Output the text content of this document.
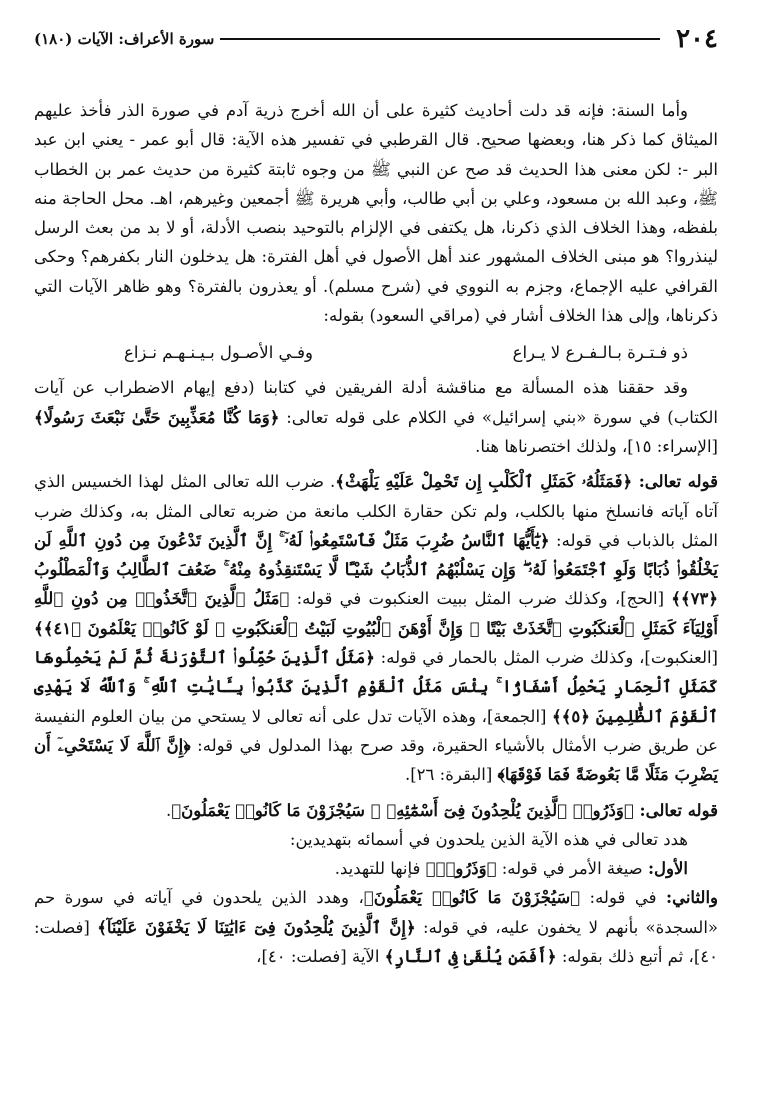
٢٠٤
سورة الأعراف: الآيات (١٨٠)

وأما السنة: فإنه قد دلت أحاديث كثيرة على أن الله أخرج ذرية آدم في صورة الذر فأخذ عليهم الميثاق كما ذكر هنا، وبعضها صحيح. قال القرطبي في تفسير هذه الآية: قال أبو عمر - يعني ابن عبد البر -: لكن معنى هذا الحديث قد صح عن النبي ﷺ من وجوه ثابتة كثيرة من حديث عمر بن الخطاب ﷺ، وعبد الله بن مسعود، وعلي بن أبي طالب، وأبي هريرة ﷺ أجمعين وغيرهم، اهـ. محل الحاجة منه بلفظه، وهذا الخلاف الذي ذكرنا، هل يكتفى في الإلزام بالتوحيد بنصب الأدلة، أو لا بد من بعث الرسل لينذروا؟ هو مبنى الخلاف المشهور عند أهل الأصول في أهل الفترة: هل يدخلون النار بكفرهم؟ وحكى القرافي عليه الإجماع، وجزم به النووي في (شرح مسلم). أو يعذرون بالفترة؟ وهو ظاهر الآيات التي ذكرناها، وإلى هذا الخلاف أشار في (مراقي السعود) بقوله:

ذو فـتـرة بـالـفـرع لا يـراع
وفـي الأصـول بـيـنـهـم نـزاع

وقد حققنا هذه المسألة مع مناقشة أدلة الفريقين في كتابنا (دفع إيهام الاضطراب عن آيات الكتاب) في سورة «بني إسرائيل» في الكلام على قوله تعالى: ﴿وَمَا كُنَّا مُعَذِّبِينَ حَتَّىٰ نَبْعَثَ رَسُولًا﴾ [الإسراء: ١٥]، ولذلك اختصرناها هنا.

قوله تعالى: ﴿فَمَثَلُهُۥ كَمَثَلِ ٱلْكَلْبِ إِن تَحْمِلْ عَلَيْهِ يَلْهَثْ﴾. ضرب الله تعالى المثل لهذا الخسيس الذي آتاه آياته فانسلخ منها بالكلب، ولم تكن حقارة الكلب مانعة من ضربه تعالى المثل به، وكذلك ضرب المثل بالذباب في قوله: ﴿يَٰٓأَيُّهَا ٱلنَّاسُ ضُرِبَ مَثَلٌ فَٱسْتَمِعُوا۟ لَهُۥٓ ۚ إِنَّ ٱلَّذِينَ تَدْعُونَ مِن دُونِ ٱللَّهِ لَن يَخْلُقُوا۟ ذُبَابًا وَلَوِ ٱجْتَمَعُوا۟ لَهُۥ ۖ وَإِن يَسْلُبْهُمُ ٱلذُّبَابُ شَيْـًٔا لَّا يَسْتَنقِذُوهُ مِنْهُ ۚ ضَعُفَ ٱلطَّالِبُ وَٱلْمَطْلُوبُ ﴿٧٣﴾﴾ [الحج]، وكذلك ضرب المثل ببيت العنكبوت في قوله: ﴿مَثَلُ ٱلَّذِينَ ٱتَّخَذُوا۟ مِن دُونِ ٱللَّهِ أَوْلِيَآءَ كَمَثَلِ ٱلْعَنكَبُوتِ ٱتَّخَذَتْ بَيْتًا ۖ وَإِنَّ أَوْهَنَ ٱلْبُيُوتِ لَبَيْتُ ٱلْعَنكَبُوتِ ۖ لَوْ كَانُوا۟ يَعْلَمُونَ ﴿٤١﴾﴾ [العنكبوت]، وكذلك ضرب المثل بالحمار في قوله: ﴿مَثَلُ ٱلَّذِينَ حُمِّلُوا۟ ٱلتَّوْرَىٰةَ ثُمَّ لَمْ يَحْمِلُوهَا كَمَثَلِ ٱلْحِمَارِ يَحْمِلُ أَسْفَارًۢا ۚ بِئْسَ مَثَلُ ٱلْقَوْمِ ٱلَّذِينَ كَذَّبُوا۟ بِـَٔايَٰتِ ٱللَّهِ ۚ وَٱللَّهُ لَا يَهْدِى ٱلْقَوْمَ ٱلظَّٰلِمِينَ ﴿٥﴾﴾ [الجمعة]، وهذه الآيات تدل على أنه تعالى لا يستحي من بيان العلوم النفيسة عن طريق ضرب الأمثال بالأشياء الحقيرة، وقد صرح بهذا المدلول في قوله: ﴿إِنَّ ٱللَّهَ لَا يَسْتَحْىِۦٓ أَن يَضْرِبَ مَثَلًا مَّا بَعُوضَةً فَمَا فَوْقَهَا﴾ [البقرة: ٢٦].

قوله تعالى: ﴿وَذَرُوا۟ ٱلَّذِينَ يُلْحِدُونَ فِىٓ أَسْمَٰٓئِهِۦ ۚ سَيُجْزَوْنَ مَا كَانُوا۟ يَعْمَلُونَ﴾.

هدد تعالى في هذه الآية الذين يلحدون في أسمائه بتهديدين:

الأول: صيغة الأمر في قوله: ﴿وَذَرُوا۟﴾ فإنها للتهديد.

والثاني: في قوله: ﴿سَيُجْزَوْنَ مَا كَانُوا۟ يَعْمَلُونَ﴾، وهدد الذين يلحدون في آياته في سورة حم «السجدة» بأنهم لا يخفون عليه، في قوله: ﴿إِنَّ ٱلَّذِينَ يُلْحِدُونَ فِىٓ ءَايَٰتِنَا لَا يَخْفَوْنَ عَلَيْنَآ﴾ [فصلت: ٤٠]، ثم أتبع ذلك بقوله: ﴿أَفَمَن يُلْقَىٰ فِى ٱلنَّارِ﴾ الآية [فصلت: ٤٠]،
